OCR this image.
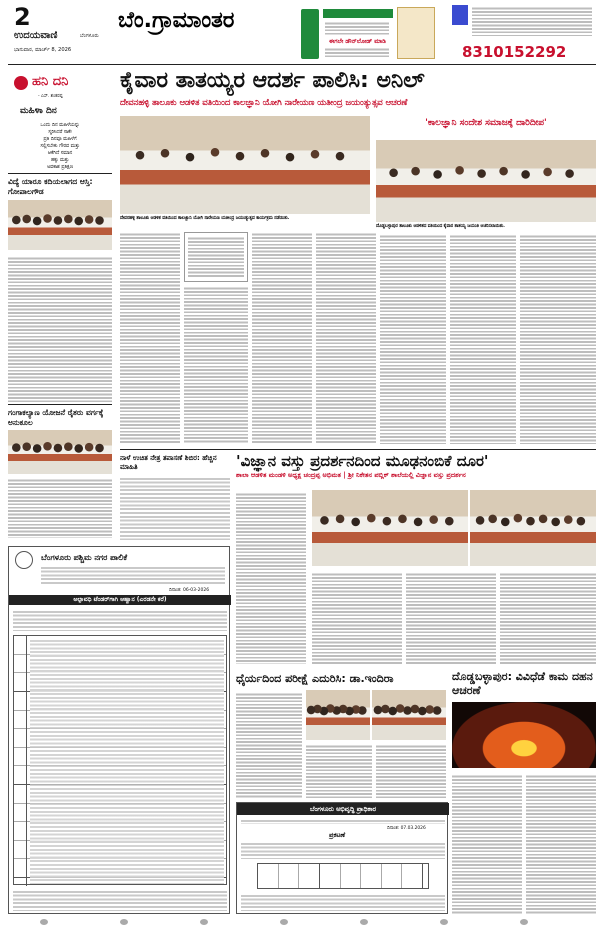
2
ಉದಯವಾಣಿ	ಬೆಂಗಳೂರು
ಭಾನುವಾರ, ಮಾರ್ಚ್ 8, 2026
ಬೆಂ.ಗ್ರಾಮಾಂತರ
ಈಗಲೇ ಡೌನ್‌ಲೋಡ್ ಮಾಡಿ
8310152292
ಹನಿ ದನಿ
- ಎಸ್. ಶಂಕರಪ್ಪ
ಮಹಿಳಾ ದಿನ
ಒಂದು ದಿನ ಮಹಿಳೆಯನ್ನು
ಸ್ಮರಿಸಿದರೆ ಸಾಕೇ
ಪ್ರತಿ ದಿನವೂ ಮಹಿಳೆಗೆ
ಸಲ್ಲಿಸಬೇಕು ಗೌರವ ಮತ್ತು
ಆಕೆಗಿದೆ ಸಮಾನ
ಹಕ್ಕು ಮತ್ತು
ಅವಕಾಶ ಪ್ರತಿಕ್ಷಣ
ವಿದ್ಯೆ ಯಾರೂ ಕದಿಯಲಾಗದ ಆಸ್ತಿ: ಗೋಪಾಲಗೌಡ
ಗಂಗಾಕಲ್ಯಾಣ ಯೋಜನೆ ರೈತರು ವರ್ಗಕ್ಕೆ ಅನುಕೂಲ
ಕೈವಾರ ತಾತಯ್ಯರ ಆದರ್ಶ ಪಾಲಿಸಿ: ಅನಿಲ್
ದೇವನಹಳ್ಳಿ ತಾಲೂಕು ಆಡಳಿತ ವತಿಯಿಂದ ಕಾಲಜ್ಞಾನಿ ಯೋಗಿ ನಾರೇಯಣ ಯತೀಂದ್ರ ಜಯಂತ್ಯುತ್ಸವ ಆಚರಣೆ
ದೇವನಹಳ್ಳಿ ತಾಲೂಕು ಆಡಳಿತ ವತಿಯಿಂದ ಕಾಲಜ್ಞಾನಿ ಯೋಗಿ ನಾರೇಯಣ ಯತೀಂದ್ರ ಜಯಂತ್ಯುತ್ಸವ ಕಾರ್ಯಕ್ರಮ ನಡೆಯಿತು.
'ಕಾಲಜ್ಞಾನಿ ಸಂದೇಶ ಸಮಾಜಕ್ಕೆ ದಾರಿದೀಪ'
ದೊಡ್ಡಬಳ್ಳಾಪುರ ತಾಲೂಕು ಆಡಳಿತದ ವತಿಯಿಂದ ಕೈವಾರ ತಾತಯ್ಯ ಜಯಂತಿ ಆಚರಿಸಲಾಯಿತು.
ನಾಳೆ ಉಚಿತ ನೇತ್ರ ತಪಾಸಣೆ ಶಿಬಿರ: ಹೆಚ್ಚಿನ ಮಾಹಿತಿ	'ವಿಜ್ಞಾನ ವಸ್ತು ಪ್ರದರ್ಶನದಿಂದ ಮೂಢನಂಬಿಕೆ ದೂರ'
ಶಾಲಾ ಆಡಳಿತ ಮಂಡಳಿ ಅಧ್ಯಕ್ಷ ಚಂದ್ರಪ್ಪ ಅಭಿಮತ | ಶ್ರೀ ನಿಕೇತನ ಪಬ್ಲಿಕ್ ಶಾಲೆಯಲ್ಲಿ ವಿಜ್ಞಾನ ವಸ್ತು ಪ್ರದರ್ಶನ
ಬೆಂಗಳೂರು ಪಶ್ಚಿಮ ನಗರ ಪಾಲಿಕೆ
ದಿನಾಂಕ: 06-03-2026
ಅಲ್ಪಾವಧಿ ಟೆಂಡರ್‌ಗಾಗಿ ಆಹ್ವಾನ (ಎರಡನೇ ಕರೆ)
ಧೈರ್ಯದಿಂದ ಪರೀಕ್ಷೆ ಎದುರಿಸಿ: ಡಾ.ಇಂದಿರಾ	ದೊಡ್ಡಬಳ್ಳಾಪುರ: ವಿವಿಧೆಡೆ ಕಾಮ ದಹನ ಆಚರಣೆ
ಬೆಂಗಳೂರು ಅಭಿವೃದ್ಧಿ ಪ್ರಾಧಿಕಾರ
ದಿನಾಂಕ: 07.03.2026
ಪ್ರಕಟಣೆ
